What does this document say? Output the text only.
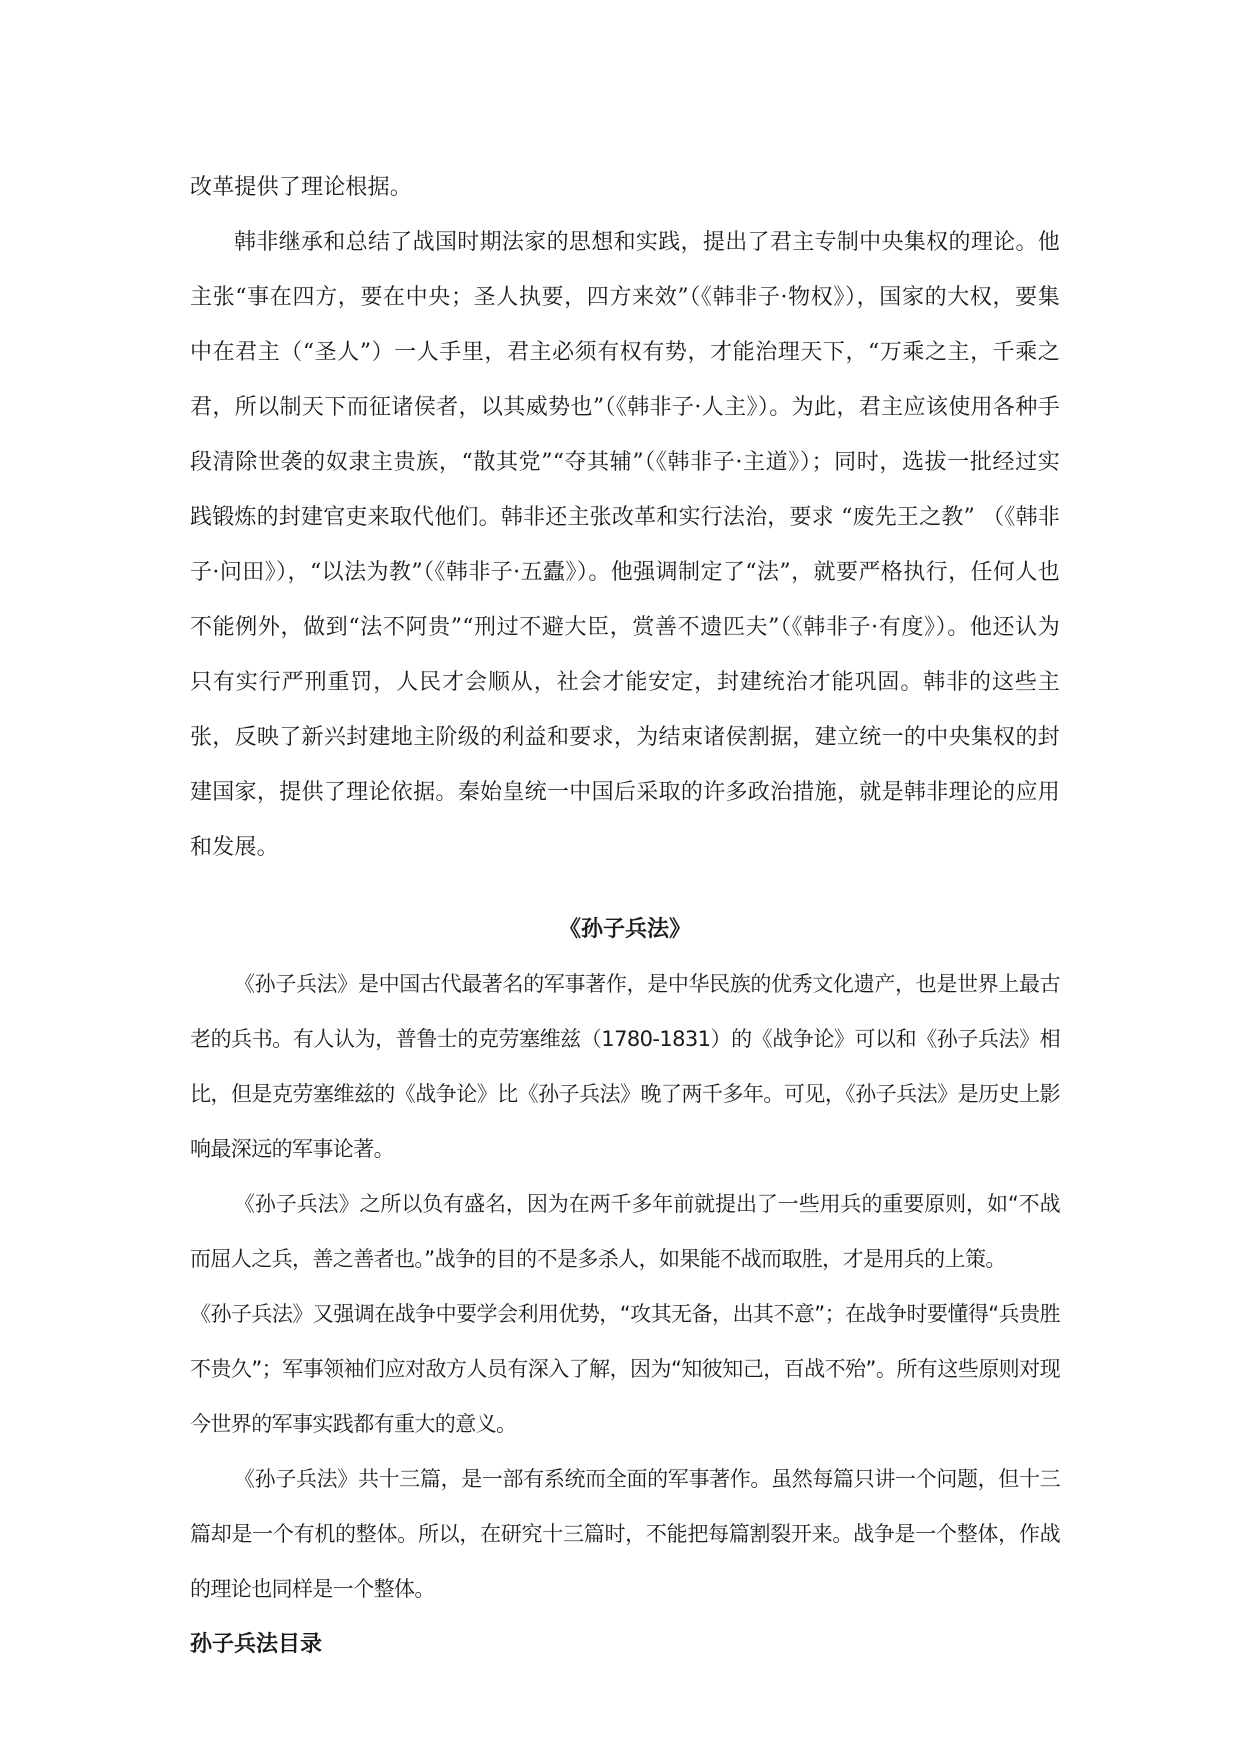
改革提供了理论根据。

韩非继承和总结了战国时期法家的思想和实践，提出了君主专制中央集权的理论。他主张“事在四方，要在中央；圣人执要，四方来效”（《韩非子·物权》），国家的大权，要集中在君主（“圣人”）一人手里，君主必须有权有势，才能治理天下，“万乘之主，千乘之君，所以制天下而征诸侯者，以其威势也”（《韩非子·人主》）。为此，君主应该使用各种手段清除世袭的奴隶主贵族，“散其党”“夺其辅”（《韩非子·主道》）；同时，选拔一批经过实践锻炼的封建官吏来取代他们。韩非还主张改革和实行法治，要求 “废先王之教” （《韩非子·问田》），“以法为教”（《韩非子·五蠹》）。他强调制定了“法”，就要严格执行，任何人也不能例外，做到“法不阿贵”“刑过不避大臣，赏善不遗匹夫”（《韩非子·有度》）。他还认为只有实行严刑重罚，人民才会顺从，社会才能安定，封建统治才能巩固。韩非的这些主张，反映了新兴封建地主阶级的利益和要求，为结束诸侯割据，建立统一的中央集权的封建国家，提供了理论依据。秦始皇统一中国后采取的许多政治措施，就是韩非理论的应用和发展。

《孙子兵法》

《孙子兵法》是中国古代最著名的军事著作，是中华民族的优秀文化遗产，也是世界上最古老的兵书。有人认为，普鲁士的克劳塞维兹（1780-1831）的《战争论》可以和《孙子兵法》相比，但是克劳塞维兹的《战争论》比《孙子兵法》晚了两千多年。可见，《孙子兵法》是历史上影响最深远的军事论著。

《孙子兵法》之所以负有盛名，因为在两千多年前就提出了一些用兵的重要原则，如“不战而屈人之兵，善之善者也。”战争的目的不是多杀人，如果能不战而取胜，才是用兵的上策。

《孙子兵法》又强调在战争中要学会利用优势，“攻其无备，出其不意”；在战争时要懂得“兵贵胜不贵久”；军事领袖们应对敌方人员有深入了解，因为“知彼知己，百战不殆”。所有这些原则对现今世界的军事实践都有重大的意义。

《孙子兵法》共十三篇，是一部有系统而全面的军事著作。虽然每篇只讲一个问题，但十三篇却是一个有机的整体。所以，在研究十三篇时，不能把每篇割裂开来。战争是一个整体，作战的理论也同样是一个整体。

孙子兵法目录
